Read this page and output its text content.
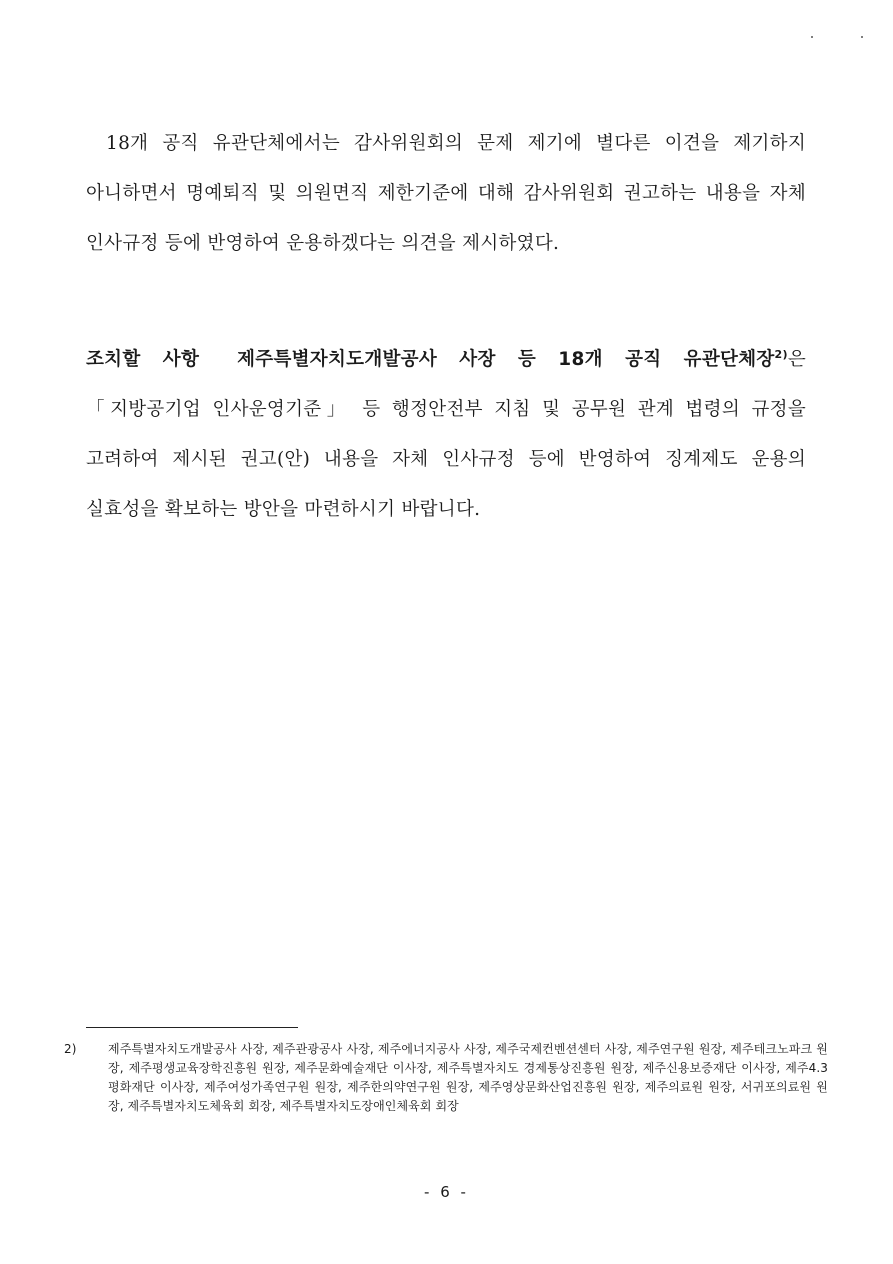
18개 공직 유관단체에서는 감사위원회의 문제 제기에 별다른 이견을 제기하지 아니하면서 명예퇴직 및 의원면직 제한기준에 대해 감사위원회 권고하는 내용을 자체 인사규정 등에 반영하여 운용하겠다는 의견을 제시하였다.

조치할 사항 제주특별자치도개발공사 사장 등 18개 공직 유관단체장$^{2)}$은 「지방공기업 인사운영기준」 등 행정안전부 지침 및 공무원 관계 법령의 규정을 고려하여 제시된 권고(안) 내용을 자체 인사규정 등에 반영하여 징계제도 운용의 실효성을 확보하는 방안을 마련하시기 바랍니다.

2)	제주특별자치도개발공사 사장, 제주관광공사 사장, 제주에너지공사 사장, 제주국제컨벤션센터 사장, 제주연구원 원장, 제주테크노파크 원장, 제주평생교육장학진흥원 원장, 제주문화예술재단 이사장, 제주특별자치도 경제통상진흥원 원장, 제주신용보증재단 이사장, 제주4.3평화재단 이사장, 제주여성가족연구원 원장, 제주한의약연구원 원장, 제주영상문화산업진흥원 원장, 제주의료원 원장, 서귀포의료원 원장, 제주특별자치도체육회 회장, 제주특별자치도장애인체육회 회장
- 6 -
